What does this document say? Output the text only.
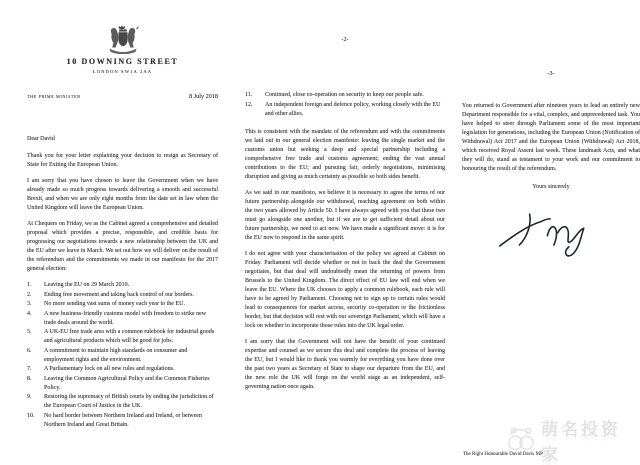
10 DOWNING STREET
LONDON SW1A 2AA
THE PRIME MINISTER	8 July 2018

Dear David

Thank you for your letter explaining your decision to resign as Secretary of State for Exiting the European Union.

I am sorry that you have chosen to leave the Government when we have already made so much progress towards delivering a smooth and successful Brexit, and when we are only eight months from the date set in law when the United Kingdom will leave the European Union.

At Chequers on Friday, we as the Cabinet agreed a comprehensive and detailed proposal which provides a precise, responsible, and credible basis for progressing our negotiations towards a new relationship between the UK and the EU after we leave in March. We set out how we will deliver on the result of the referendum and the commitments we made in our manifesto for the 2017 general election:

1.	Leaving the EU on 29 March 2019.
2.	Ending free movement and taking back control of our borders.
3.	No more sending vast sums of money each year to the EU.
4.	A new business-friendly customs model with freedom to strike new trade deals around the world.
5.	A UK-EU free trade area with a common rulebook for industrial goods and agricultural products which will be good for jobs.
6.	A commitment to maintain high standards on consumer and employment rights and the environment.
7.	A Parliamentary lock on all new rules and regulations.
8.	Leaving the Common Agricultural Policy and the Common Fisheries Policy.
9.	Restoring the supremacy of British courts by ending the jurisdiction of the European Court of Justice in the UK.
10.	No hard border between Northern Ireland and Ireland, or between Northern Ireland and Great Britain.
-2-
11.	Continued, close co-operation on security to keep our people safe.
12.	An independent foreign and defence policy, working closely with the EU and other allies.

This is consistent with the mandate of the referendum and with the commitments we laid out in our general election manifesto: leaving the single market and the customs union but seeking a deep and special partnership including a comprehensive free trade and customs agreement; ending the vast annual contributions to the EU; and pursuing fair, orderly negotiations, minimising disruption and giving as much certainty as possible so both sides benefit.

As we said in our manifesto, we believe it is necessary to agree the terms of our future partnership alongside our withdrawal, reaching agreement on both within the two years allowed by Article 50. I have always agreed with you that these two must go alongside one another, but if we are to get sufficient detail about our future partnership, we need to act now. We have made a significant move: it is for the EU now to respond in the same spirit.

I do not agree with your characterisation of the policy we agreed at Cabinet on Friday. Parliament will decide whether or not to back the deal the Government negotiates, but that deal will undoubtedly mean the returning of powers from Brussels to the United Kingdom. The direct effect of EU law will end when we leave the EU. Where the UK chooses to apply a common rulebook, each rule will have to be agreed by Parliament. Choosing not to sign up to certain rules would lead to consequences for market access, security co-operation or the frictionless border, but that decision will rest with our sovereign Parliament, which will have a lock on whether to incorporate those rules into the UK legal order.

I am sorry that the Government will not have the benefit of your continued expertise and counsel as we secure this deal and complete the process of leaving the EU, but I would like to thank you warmly for everything you have done over the past two years as Secretary of State to shape our departure from the EU, and the new role the UK will forge on the world stage as an independent, self-governing nation once again.

-3-

You returned to Government after nineteen years to lead an entirely new Department responsible for a vital, complex, and unprecedented task. You have helped to steer through Parliament some of the most important legislation for generations, including the European Union (Notification of Withdrawal) Act 2017 and the European Union (Withdrawal) Act 2018, which received Royal Assent last week. These landmark Acts, and what they will do, stand as testament to your work and our commitment to honouring the result of the referendum.

Yours sincerely
The Right Honourable David Davis MP
萌名投资家
